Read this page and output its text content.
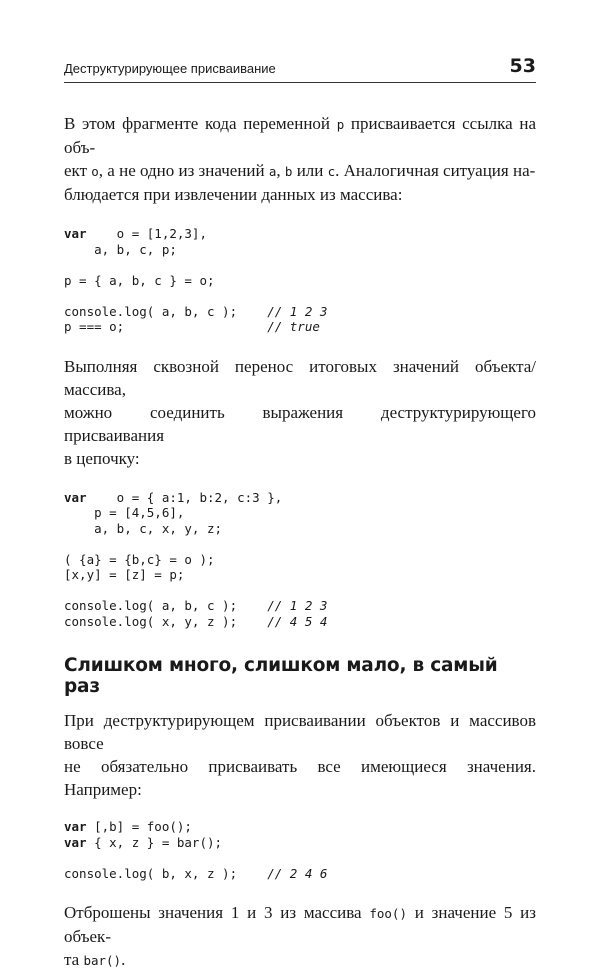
Деструктурирующее присваивание	53

В этом фрагменте кода переменной p присваивается ссылка на объ-
ект o, а не одно из значений a, b или c. Аналогичная ситуация на-
блюдается при извлечении данных из массива:

var    o = [1,2,3],
a, b, c, p;

p = { a, b, c } = o;

console.log( a, b, c );    // 1 2 3
p === o;                   // true

Выполняя сквозной перенос итоговых значений объекта/массива,
можно соединить выражения деструктурирующего присваивания
в цепочку:

var    o = { a:1, b:2, c:3 },
p = [4,5,6],
a, b, c, x, y, z;

( {a} = {b,c} = o );
[x,y] = [z] = p;

console.log( a, b, c );    // 1 2 3
console.log( x, y, z );    // 4 5 4
Слишком много, слишком мало, в самый раз

При деструктурирующем присваивании объектов и массивов вовсе
не обязательно присваивать все имеющиеся значения. Например:

var [,b] = foo();
var { x, z } = bar();

console.log( b, x, z );    // 2 4 6

Отброшены значения 1 и 3 из массива foo() и значение 5 из объек-
та bar().
